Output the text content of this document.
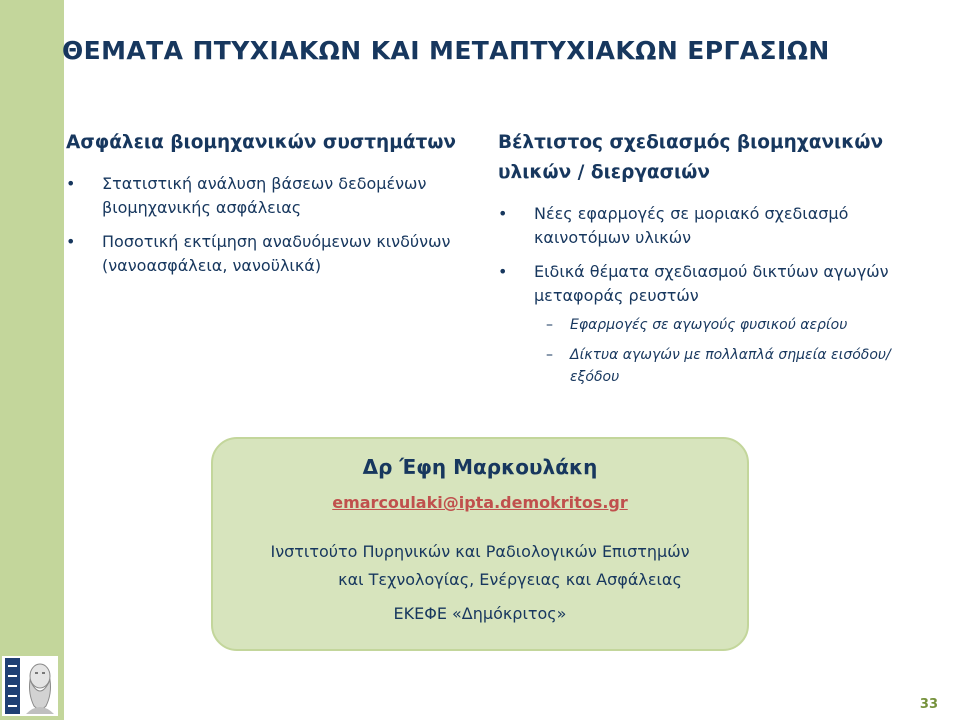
ΘΕΜΑΤΑ ΠΤΥΧΙΑΚΩΝ ΚΑΙ ΜΕΤΑΠΤΥΧΙΑΚΩΝ ΕΡΓΑΣΙΩΝ
Ασφάλεια βιομηχανικών συστημάτων
• Στατιστική ανάλυση βάσεων δεδομένων βιομηχανικής ασφάλειας
• Ποσοτική εκτίμηση αναδυόμενων κινδύνων (νανοασφάλεια, νανοϋλικά)
Βέλτιστος σχεδιασμός βιομηχανικών υλικών / διεργασιών
• Νέες εφαρμογές σε μοριακό σχεδιασμό καινοτόμων υλικών
• Ειδικά θέματα σχεδιασμού δικτύων αγωγών μεταφοράς ρευστών
– Εφαρμογές σε αγωγούς φυσικού αερίου
– Δίκτυα αγωγών με πολλαπλά σημεία εισόδου/εξόδου
Δρ Έφη Μαρκουλάκη
emarcoulaki@ipta.demokritos.gr
Ινστιτούτο Πυρηνικών και Ραδιολογικών Επιστημών
και Τεχνολογίας, Ενέργειας και Ασφάλειας
ΕΚΕΦΕ «Δημόκριτος»
33
